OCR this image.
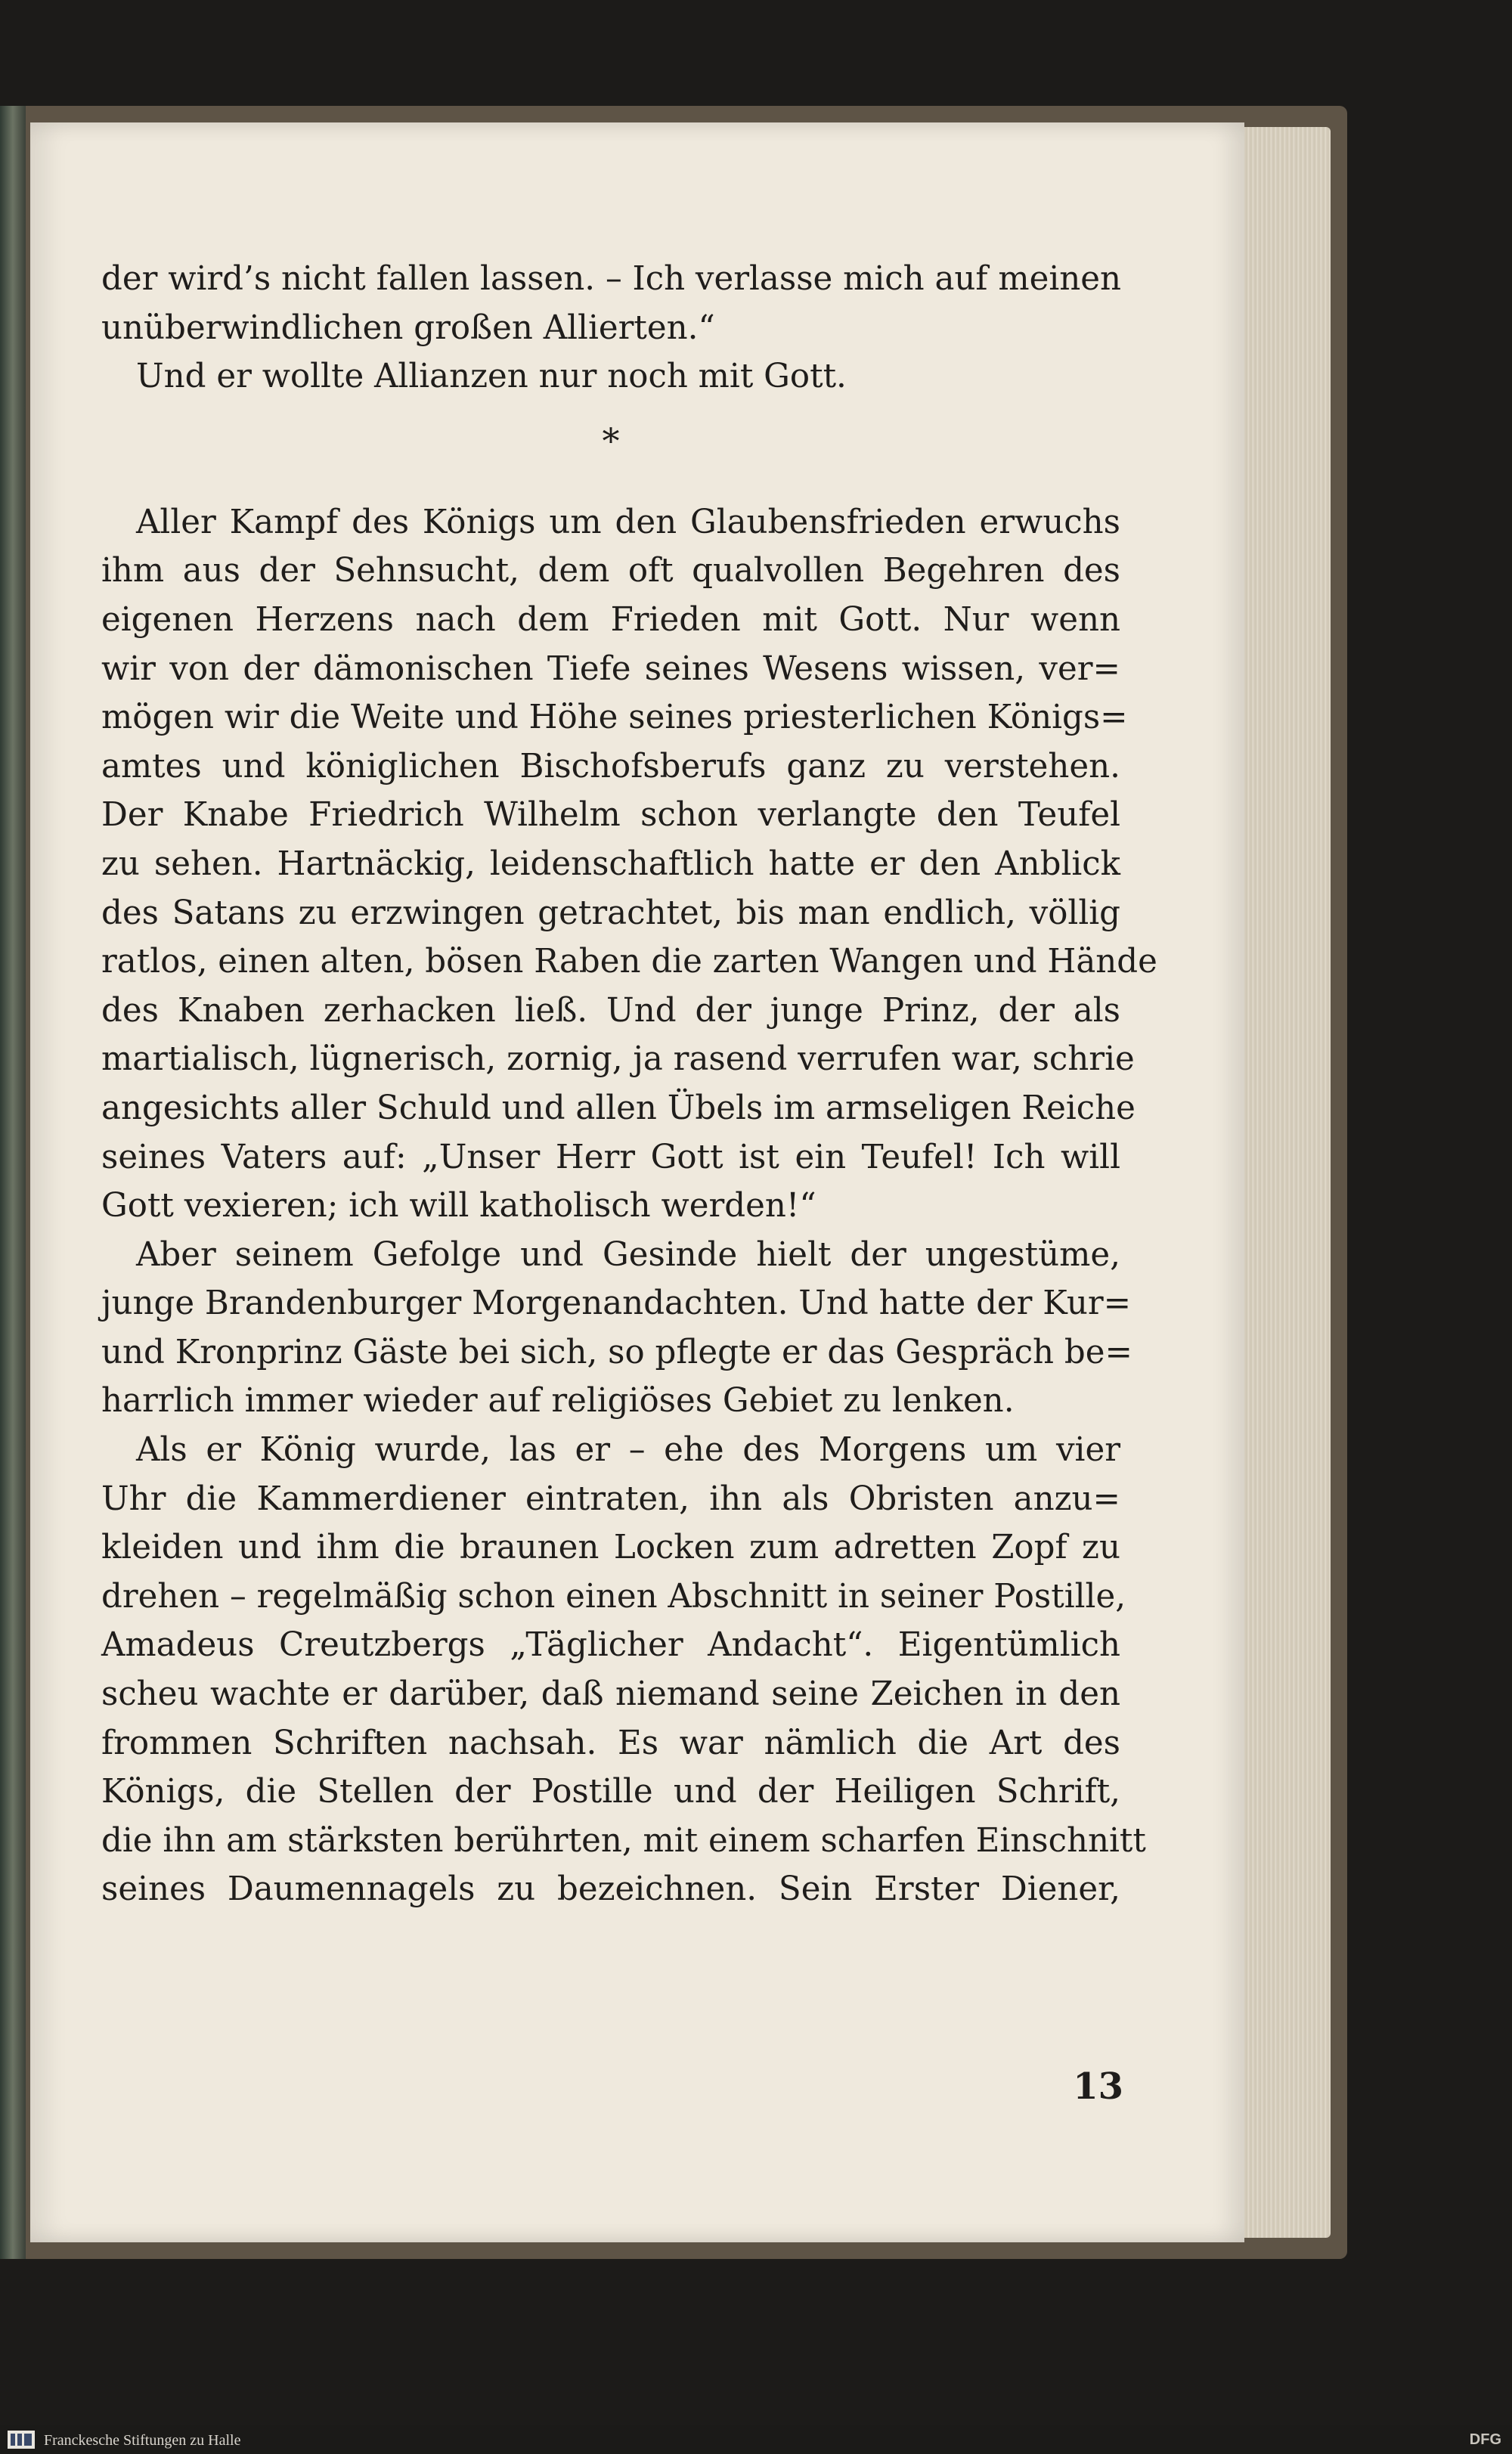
der wird’s nicht fallen lassen. – Ich verlasse mich auf meinen
unüberwindlichen großen Allierten.“
Und er wollte Allianzen nur noch mit Gott.
*
Aller Kampf des Königs um den Glaubensfrieden erwuchs
ihm aus der Sehnsucht, dem oft qualvollen Begehren des
eigenen Herzens nach dem Frieden mit Gott. Nur wenn
wir von der dämonischen Tiefe seines Wesens wissen, ver=
mögen wir die Weite und Höhe seines priesterlichen Königs=
amtes und königlichen Bischofsberufs ganz zu verstehen.
Der Knabe Friedrich Wilhelm schon verlangte den Teufel
zu sehen. Hartnäckig, leidenschaftlich hatte er den Anblick
des Satans zu erzwingen getrachtet, bis man endlich, völlig
ratlos, einen alten, bösen Raben die zarten Wangen und Hände
des Knaben zerhacken ließ. Und der junge Prinz, der als
martialisch, lügnerisch, zornig, ja rasend verrufen war, schrie
angesichts aller Schuld und allen Übels im armseligen Reiche
seines Vaters auf: „Unser Herr Gott ist ein Teufel! Ich will
Gott vexieren; ich will katholisch werden!“
Aber seinem Gefolge und Gesinde hielt der ungestüme,
junge Brandenburger Morgenandachten. Und hatte der Kur=
und Kronprinz Gäste bei sich, so pflegte er das Gespräch be=
harrlich immer wieder auf religiöses Gebiet zu lenken.
Als er König wurde, las er – ehe des Morgens um vier
Uhr die Kammerdiener eintraten, ihn als Obristen anzu=
kleiden und ihm die braunen Locken zum adretten Zopf zu
drehen – regelmäßig schon einen Abschnitt in seiner Postille,
Amadeus Creutzbergs „Täglicher Andacht“. Eigentümlich
scheu wachte er darüber, daß niemand seine Zeichen in den
frommen Schriften nachsah. Es war nämlich die Art des
Königs, die Stellen der Postille und der Heiligen Schrift,
die ihn am stärksten berührten, mit einem scharfen Einschnitt
seines Daumennagels zu bezeichnen. Sein Erster Diener,
13
Franckesche Stiftungen zu Halle	DFG
